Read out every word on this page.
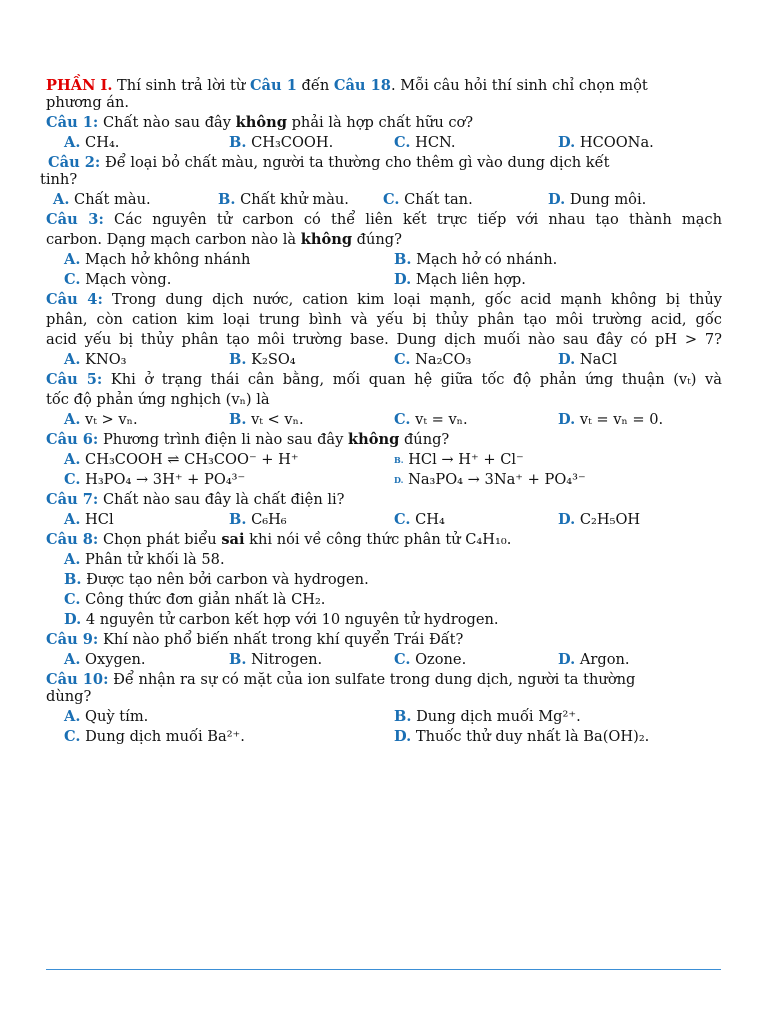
PHẦN I. Thí sinh trả lời từ Câu 1 đến Câu 18. Mỗi câu hỏi thí sinh chỉ chọn một
phương án.
Câu 1: Chất nào sau đây không phải là hợp chất hữu cơ?
A. CH₄.	B. CH₃COOH.	C. HCN.	D. HCOONa.
Câu 2: Để loại bỏ chất màu, người ta thường cho thêm gì vào dung dịch kết
tinh?
A. Chất màu.	B. Chất khử màu. C. Chất tan.	D. Dung môi.
Câu 3: Các nguyên tử carbon có thể liên kết trực tiếp với nhau tạo thành mạch
carbon. Dạng mạch carbon nào là không đúng?
A. Mạch hở không nhánh	B. Mạch hở có nhánh.
C. Mạch vòng.	D. Mạch liên hợp.
Câu 4: Trong dung dịch nước, cation kim loại mạnh, gốc acid mạnh không bị thủy
phân, còn cation kim loại trung bình và yếu bị thủy phân tạo môi trường acid, gốc
acid yếu bị thủy phân tạo môi trường base. Dung dịch muối nào sau đây có pH > 7?
A. KNO₃	B. K₂SO₄	C. Na₂CO₃	D. NaCl
Câu 5: Khi ở trạng thái cân bằng, mối quan hệ giữa tốc độ phản ứng thuận (vₜ) và
tốc độ phản ứng nghịch (vₙ) là
A. vₜ > vₙ.	B. vₜ < vₙ.	C. vₜ = vₙ.	D. vₜ = vₙ = 0.
Câu 6: Phương trình điện li nào sau đây không đúng?
A. CH₃COOH ⇌ CH₃COO⁻ + H⁺	$^{B.}$ HCl → H⁺ + Cl⁻
C. H₃PO₄ → 3H⁺ + PO₄³⁻	$^{D.}$ Na₃PO₄ → 3Na⁺ + PO₄³⁻
Câu 7: Chất nào sau đây là chất điện li?
A. HCl	B. C₆H₆	C. CH₄	D. C₂H₅OH
Câu 8: Chọn phát biểu sai khi nói về công thức phân tử C₄H₁₀.
A. Phân tử khối là 58.
B. Được tạo nên bởi carbon và hydrogen.
C. Công thức đơn giản nhất là CH₂.
D. 4 nguyên tử carbon kết hợp với 10 nguyên tử hydrogen.
Câu 9: Khí nào phổ biến nhất trong khí quyển Trái Đất?
A. Oxygen.	B. Nitrogen.	C. Ozone.	D. Argon.
Câu 10: Để nhận ra sự có mặt của ion sulfate trong dung dịch, người ta thường
dùng?
A. Quỳ tím.	B. Dung dịch muối Mg²⁺.
C. Dung dịch muối Ba²⁺.	D. Thuốc thử duy nhất là Ba(OH)₂.
